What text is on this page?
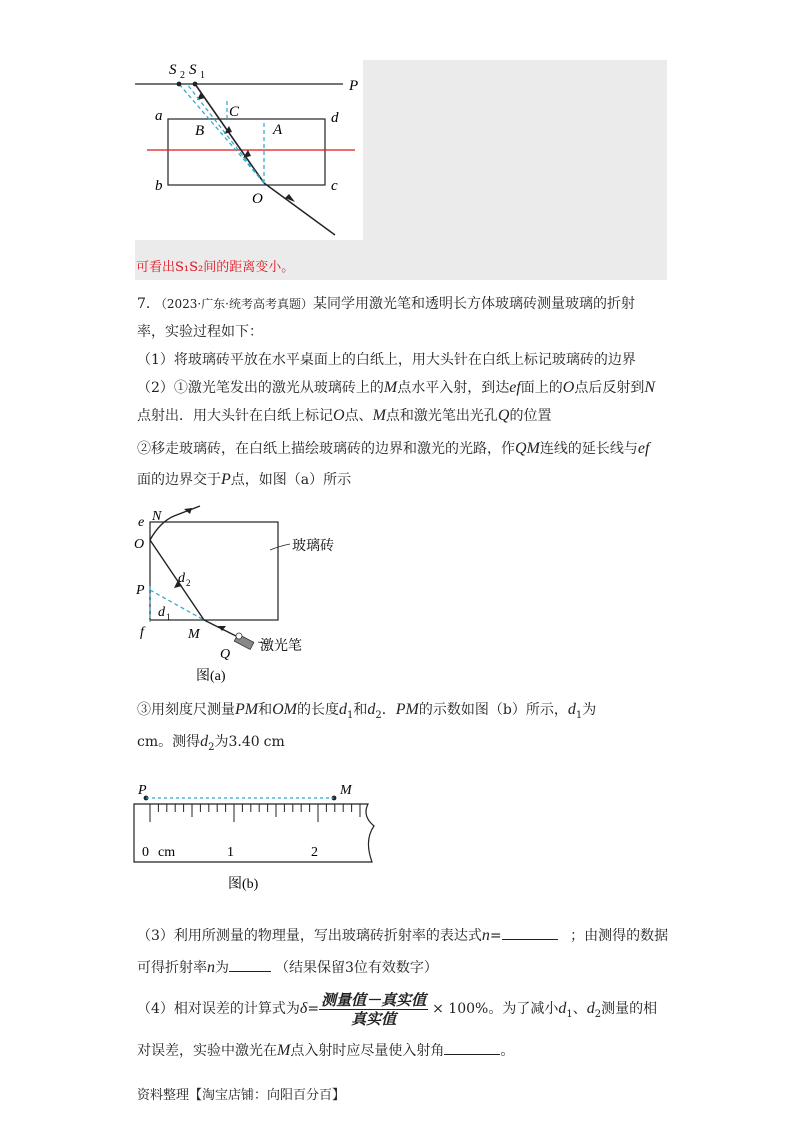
S 2 S 1
P
a
B
C
A
d
b
O
c
可看出S₁S₂间的距离变小。
7. （2023·广东·统考高考真题）某同学用激光笔和透明长方体玻璃砖测量玻璃的折射
率，实验过程如下：
（1）将玻璃砖平放在水平桌面上的白纸上，用大头针在白纸上标记玻璃砖的边界
（2）①激光笔发出的激光从玻璃砖上的M点水平入射，到达ef面上的O点后反射到N
点射出．用大头针在白纸上标记O点、M点和激光笔出光孔Q的位置
②移走玻璃砖，在白纸上描绘玻璃砖的边界和激光的光路，作QM连线的延长线与ef
面的边界交于P点，如图（a）所示
e N
O	玻璃砖
d 2
P
d 1
f	M
Q
激光笔
图(a)
③用刻度尺测量PM和OM的长度$d_1$和$d_2$．PM的示数如图（b）所示，$d_1$为
cm。测得$d_2$为3.40 cm
0 cm	1	2
P	M
图(b)
（3）利用所测量的物理量，写出玻璃砖折射率的表达式n=	；由测得的数据
可得折射率n为	（结果保留3位有效数字）
（4）相对误差的计算式为$\delta= \frac{\text{测量值－真实值}}{\text{真实值}} \times 100\%$。为了减小$d_1$、$d_2$测量的相
对误差，实验中激光在M点入射时应尽量使入射角	。
资料整理【淘宝店铺：向阳百分百】
